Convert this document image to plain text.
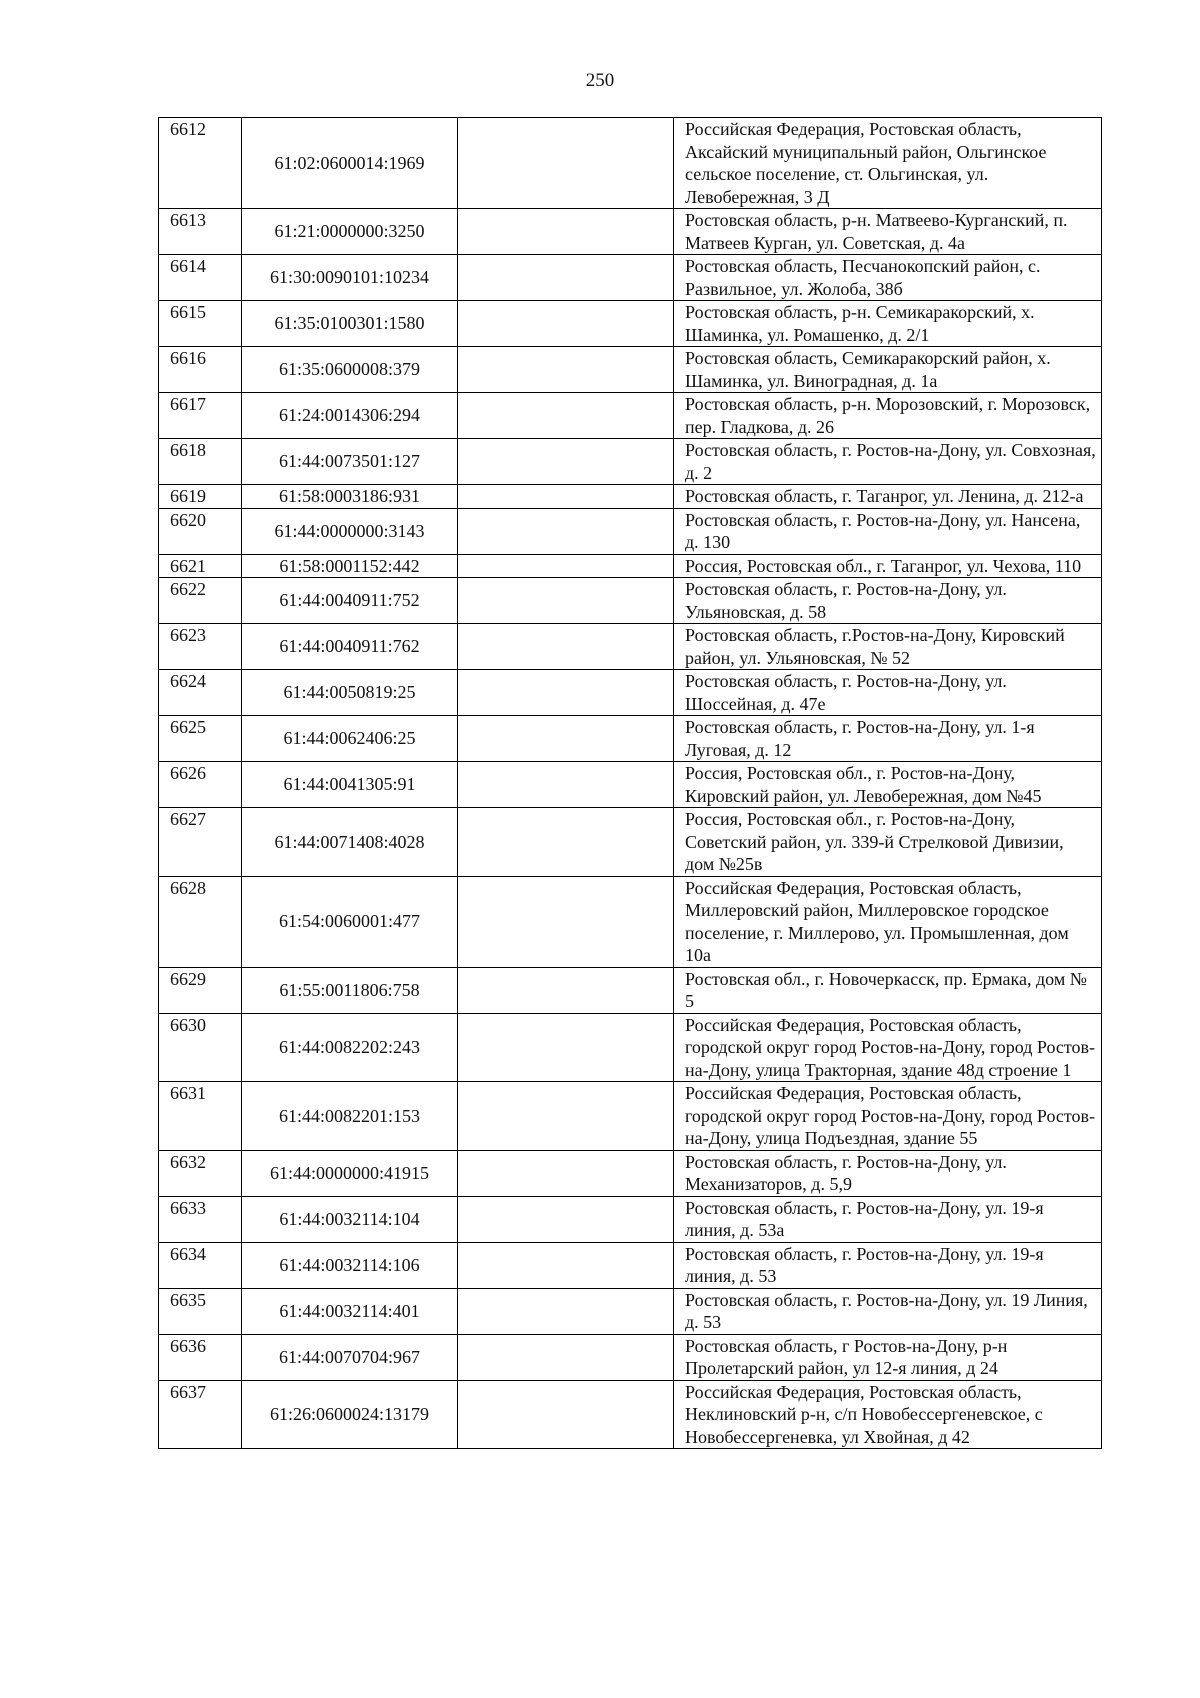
250
6612	61:02:0600014:1969		Российская Федерация, Ростовская область, Аксайский муниципальный район, Ольгинское сельское поселение, ст. Ольгинская, ул. Левобережная, 3 Д

6613	61:21:0000000:3250		Ростовская область, р-н. Матвеево-Курганский, п. Матвеев Курган, ул. Советская, д. 4а

6614	61:30:0090101:10234		Ростовская область, Песчанокопский район, с. Развильное, ул. Жолоба, 38б

6615	61:35:0100301:1580		Ростовская область, р-н. Семикаракорский, х. Шаминка, ул. Ромашенко, д. 2/1

6616	61:35:0600008:379		Ростовская область, Семикаракорский район, х. Шаминка, ул. Виноградная, д. 1а

6617	61:24:0014306:294		Ростовская область, р-н. Морозовский, г. Морозовск, пер. Гладкова, д. 26

6618	61:44:0073501:127		Ростовская область, г. Ростов-на-Дону, ул. Совхозная, д. 2

6619	61:58:0003186:931		Ростовская область, г. Таганрог, ул. Ленина, д. 212-а

6620	61:44:0000000:3143		Ростовская область, г. Ростов-на-Дону, ул. Нансена, д. 130

6621	61:58:0001152:442		Россия, Ростовская обл., г. Таганрог, ул. Чехова, 110

6622	61:44:0040911:752		Ростовская область, г. Ростов-на-Дону, ул. Ульяновская, д. 58

6623	61:44:0040911:762		Ростовская область, г.Ростов-на-Дону, Кировский район, ул. Ульяновская, № 52

6624	61:44:0050819:25		Ростовская область, г. Ростов-на-Дону, ул. Шоссейная, д. 47е

6625	61:44:0062406:25		Ростовская область, г. Ростов-на-Дону, ул. 1-я Луговая, д. 12

6626	61:44:0041305:91		Россия, Ростовская обл., г. Ростов-на-Дону, Кировский район, ул. Левобережная, дом №45

6627	61:44:0071408:4028		Россия, Ростовская обл., г. Ростов-на-Дону, Советский район, ул. 339-й Стрелковой Дивизии, дом №25в

6628	61:54:0060001:477		Российская Федерация, Ростовская область, Миллеровский район, Миллеровское городское поселение, г. Миллерово, ул. Промышленная, дом 10а

6629	61:55:0011806:758		Ростовская обл., г. Новочеркасск, пр. Ермака, дом № 5

6630	61:44:0082202:243		Российская Федерация, Ростовская область, городской округ город Ростов-на-Дону, город Ростов-на-Дону, улица Тракторная, здание 48д строение 1

6631	61:44:0082201:153		Российская Федерация, Ростовская область, городской округ город Ростов-на-Дону, город Ростов-на-Дону, улица Подъездная, здание 55

6632	61:44:0000000:41915		Ростовская область, г. Ростов-на-Дону, ул. Механизаторов, д. 5,9

6633	61:44:0032114:104		Ростовская область, г. Ростов-на-Дону, ул. 19-я линия, д. 53а

6634	61:44:0032114:106		Ростовская область, г. Ростов-на-Дону, ул. 19-я линия, д. 53

6635	61:44:0032114:401		Ростовская область, г. Ростов-на-Дону, ул. 19 Линия, д. 53

6636	61:44:0070704:967		Ростовская область, г Ростов-на-Дону, р-н Пролетарский район, ул 12-я линия, д 24

6637	61:26:0600024:13179		Российская Федерация, Ростовская область, Неклиновский р-н, с/п Новобессергеневское, с Новобессергеневка, ул Хвойная, д 42
